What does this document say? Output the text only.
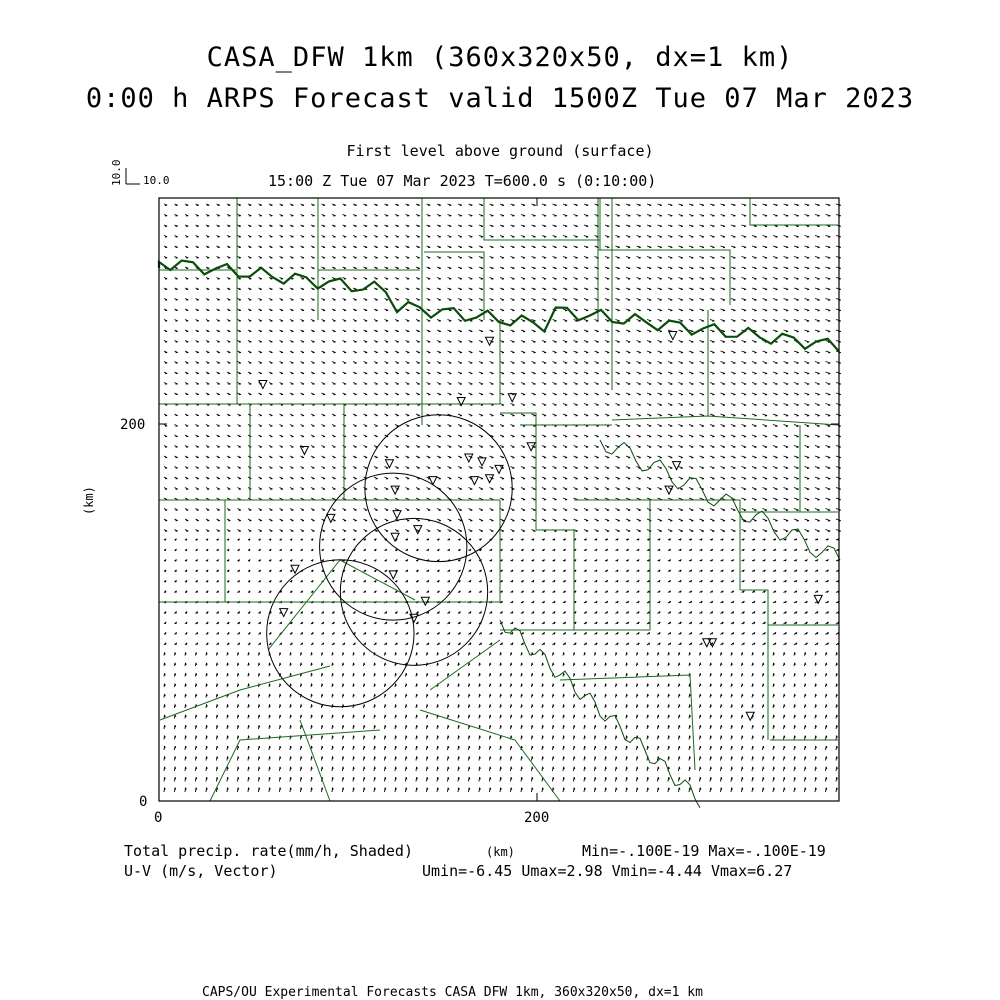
CASA_DFW 1km (360x320x50, dx=1 km)
0:00 h ARPS Forecast valid 1500Z Tue 07 Mar 2023
First level above ground (surface)
15:00 Z Tue 07 Mar 2023 T=600.0 s (0:10:00)
10.0 10.0
0
200
0	200
(km)
(km)
Total precip. rate(mm/h, Shaded)
U-V (m/s, Vector)
Min=-.100E-19 Max=-.100E-19
Umin=-6.45 Umax=2.98 Vmin=-4.44 Vmax=6.27
CAPS/OU Experimental Forecasts CASA DFW 1km, 360x320x50, dx=1 km
